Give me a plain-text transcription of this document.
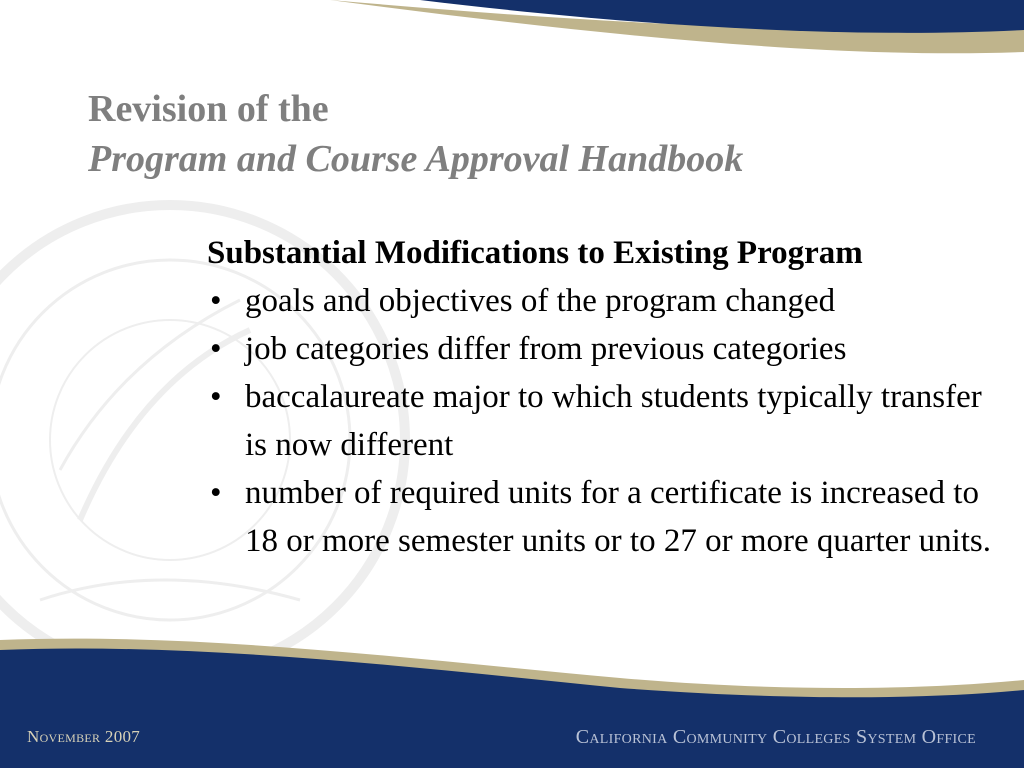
Revision of the
Program and Course Approval Handbook

Substantial Modifications to Existing Program

• goals and objectives of the program changed
• job categories differ from previous categories
• baccalaureate major to which students typically transfer is now different
• number of required units for a certificate is increased to 18 or more semester units or to 27 or more quarter units.
November 2007	California Community Colleges System Office
